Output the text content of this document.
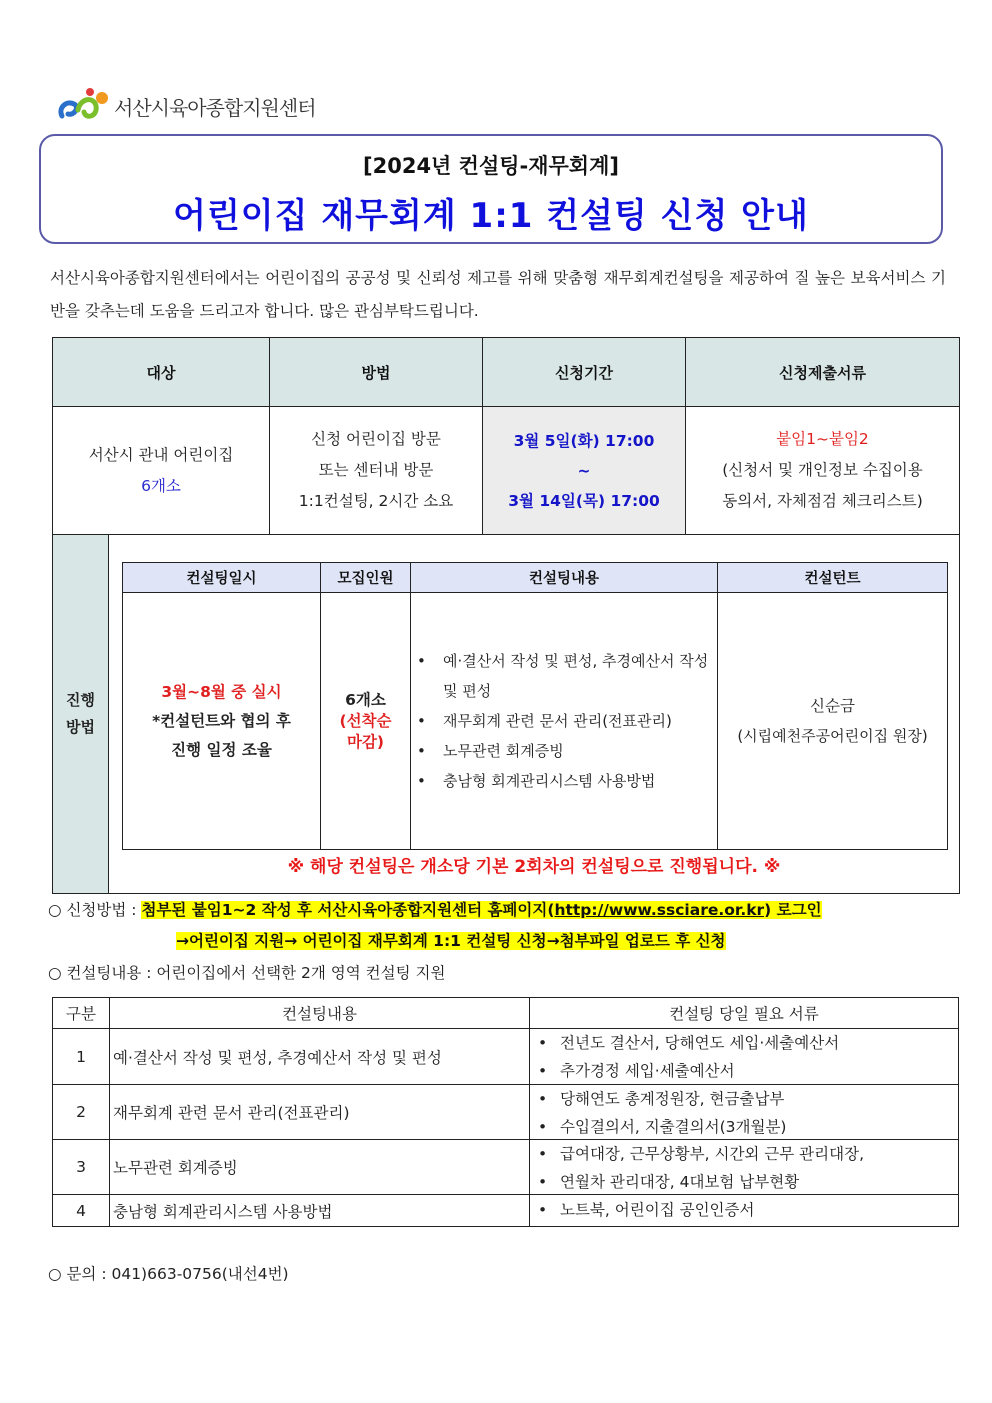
서산시육아종합지원센터
[2024년 컨설팅-재무회계]
어린이집 재무회계 1:1 컨설팅 신청 안내
서산시육아종합지원센터에서는 어린이집의 공공성 및 신뢰성 제고를 위해 맞춤형 재무회계컨설팅을 제공하여 질 높은 보육서비스 기반을 갖추는데 도움을 드리고자 합니다. 많은 관심부탁드립니다.
대상	방법	신청기간	신청제출서류
서산시 관내 어린이집
6개소
신청 어린이집 방문
또는 센터내 방문
1:1컨설팅, 2시간 소요
3월 5일(화) 17:00
~
3월 14일(목) 17:00
붙임1~붙임2
(신청서 및 개인정보 수집이용
동의서, 자체점검 체크리스트)
진행
방법
컨설팅일시	모집인원	컨설팅내용	컨설턴트
3월~8월 중 실시
*컨설턴트와 협의 후
진행 일정 조율
6개소
(선착순
마감)
• 예·결산서 작성 및 편성, 추경예산서 작성 및 편성
• 재무회계 관련 문서 관리(전표관리)
• 노무관련 회계증빙
• 충남형 회계관리시스템 사용방법
신순금
(시립예천주공어린이집 원장)
※ 해당 컨설팅은 개소당 기본 2회차의 컨설팅으로 진행됩니다. ※
○ 신청방법 : 첨부된 붙임1~2 작성 후 서산시육아종합지원센터 홈페이지(http://www.ssciare.or.kr) 로그인
→어린이집 지원→ 어린이집 재무회계 1:1 컨설팅 신청→첨부파일 업로드 후 신청
○ 컨설팅내용 : 어린이집에서 선택한 2개 영역 컨설팅 지원
구분	컨설팅내용	컨설팅 당일 필요 서류
1	예·결산서 작성 및 편성, 추경예산서 작성 및 편성
• 전년도 결산서, 당해연도 세입·세출예산서
• 추가경정 세입·세출예산서
2	재무회계 관련 문서 관리(전표관리)
• 당해연도 총계정원장, 현금출납부
• 수입결의서, 지출결의서(3개월분)
3	노무관련 회계증빙
• 급여대장, 근무상황부, 시간외 근무 관리대장,
• 연월차 관리대장, 4대보험 납부현황
4	충남형 회계관리시스템 사용방법
•	노트북, 어린이집 공인인증서
○ 문의 : 041)663-0756(내선4번)
